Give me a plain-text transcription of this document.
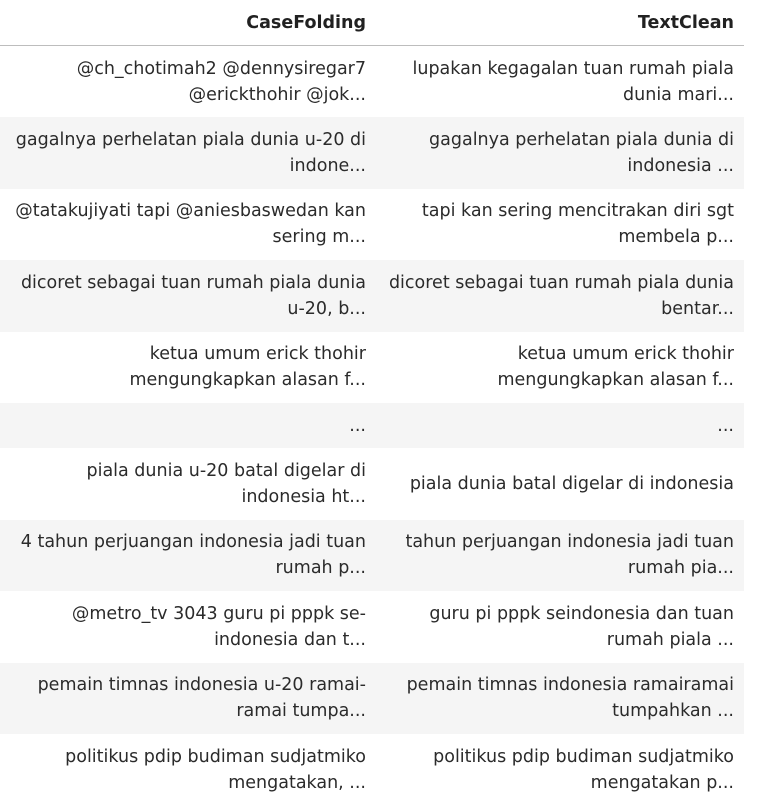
CaseFolding	TextClean
@ch_chotimah2 @dennysiregar7 @erickthohir @jok...	lupakan kegagalan tuan rumah piala dunia mari...
gagalnya perhelatan piala dunia u-20 di indone...	gagalnya perhelatan piala dunia di indonesia ...
@tatakujiyati tapi @aniesbaswedan kan sering m...	tapi kan sering mencitrakan diri sgt membela p...
dicoret sebagai tuan rumah piala dunia u-20, b...	dicoret sebagai tuan rumah piala dunia bentar...
ketua umum erick thohir mengungkapkan alasan f...	ketua umum erick thohir mengungkapkan alasan f...
...	...
piala dunia u-20 batal digelar di indonesia ht...	piala dunia batal digelar di indonesia
4 tahun perjuangan indonesia jadi tuan rumah p...	tahun perjuangan indonesia jadi tuan rumah pia...
@metro_tv 3043 guru pi pppk se-indonesia dan t...	guru pi pppk seindonesia dan tuan rumah piala ...
pemain timnas indonesia u-20 ramai-ramai tumpa...	pemain timnas indonesia ramairamai tumpahkan ...
politikus pdip budiman sudjatmiko mengatakan, ...	politikus pdip budiman sudjatmiko mengatakan p...
